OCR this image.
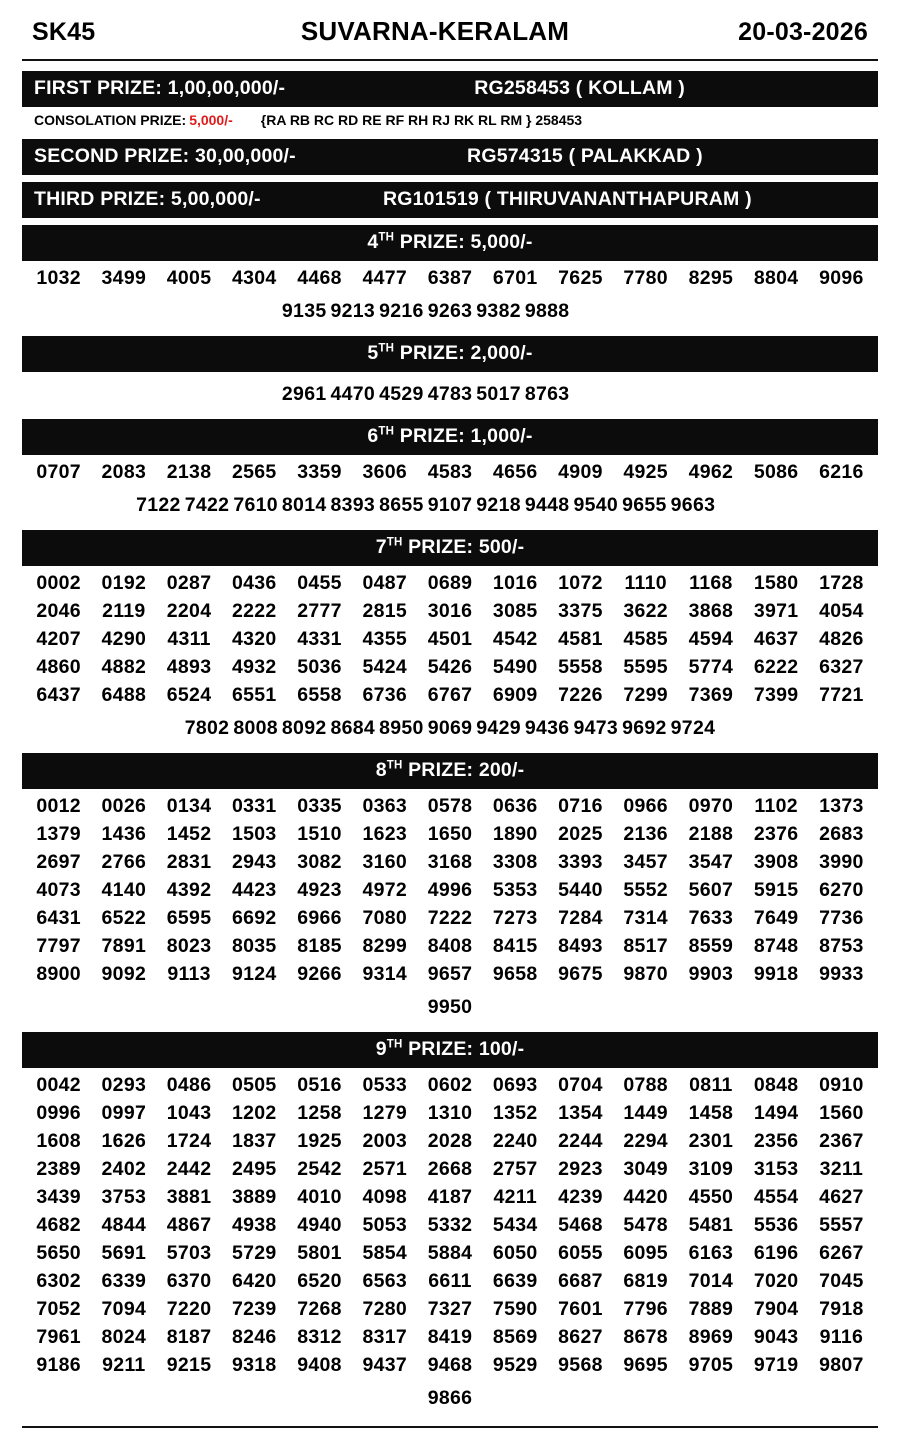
SK45	SUVARNA-KERALAM	20-03-2026
FIRST PRIZE: 1,00,00,000/-	RG258453 ( KOLLAM )
CONSOLATION PRIZE: 5,000/-	{RA RB RC RD RE RF RH RJ RK RL RM } 258453
SECOND PRIZE: 30,00,000/-	RG574315 ( PALAKKAD )
THIRD PRIZE: 5,00,000/-	RG101519 ( THIRUVANANTHAPURAM )
4TH PRIZE: 5,000/-
1032 3499 4005 4304 4468 4477 6387 6701 7625 7780 8295 8804 9096
9135 9213 9216 9263 9382 9888
5TH PRIZE: 2,000/-
2961 4470 4529 4783 5017 8763
6TH PRIZE: 1,000/-
0707 2083 2138 2565 3359 3606 4583 4656 4909 4925 4962 5086 6216
7122 7422 7610 8014 8393 8655 9107 9218 9448 9540 9655 9663
7TH PRIZE: 500/-
0002 0192 0287 0436 0455 0487 0689 1016 1072 1110 1168 1580 1728
2046 2119 2204 2222 2777 2815 3016 3085 3375 3622 3868 3971 4054
4207 4290 4311 4320 4331 4355 4501 4542 4581 4585 4594 4637 4826
4860 4882 4893 4932 5036 5424 5426 5490 5558 5595 5774 6222 6327
6437 6488 6524 6551 6558 6736 6767 6909 7226 7299 7369 7399 7721
7802 8008 8092 8684 8950 9069 9429 9436 9473 9692 9724
8TH PRIZE: 200/-
0012 0026 0134 0331 0335 0363 0578 0636 0716 0966 0970 1102 1373
1379 1436 1452 1503 1510 1623 1650 1890 2025 2136 2188 2376 2683
2697 2766 2831 2943 3082 3160 3168 3308 3393 3457 3547 3908 3990
4073 4140 4392 4423 4923 4972 4996 5353 5440 5552 5607 5915 6270
6431 6522 6595 6692 6966 7080 7222 7273 7284 7314 7633 7649 7736
7797 7891 8023 8035 8185 8299 8408 8415 8493 8517 8559 8748 8753
8900 9092 9113 9124 9266 9314 9657 9658 9675 9870 9903 9918 9933
9950
9TH PRIZE: 100/-
0042 0293 0486 0505 0516 0533 0602 0693 0704 0788 0811 0848 0910
0996 0997 1043 1202 1258 1279 1310 1352 1354 1449 1458 1494 1560
1608 1626 1724 1837 1925 2003 2028 2240 2244 2294 2301 2356 2367
2389 2402 2442 2495 2542 2571 2668 2757 2923 3049 3109 3153 3211
3439 3753 3881 3889 4010 4098 4187 4211 4239 4420 4550 4554 4627
4682 4844 4867 4938 4940 5053 5332 5434 5468 5478 5481 5536 5557
5650 5691 5703 5729 5801 5854 5884 6050 6055 6095 6163 6196 6267
6302 6339 6370 6420 6520 6563 6611 6639 6687 6819 7014 7020 7045
7052 7094 7220 7239 7268 7280 7327 7590 7601 7796 7889 7904 7918
7961 8024 8187 8246 8312 8317 8419 8569 8627 8678 8969 9043 9116
9186 9211 9215 9318 9408 9437 9468 9529 9568 9695 9705 9719 9807
9866
